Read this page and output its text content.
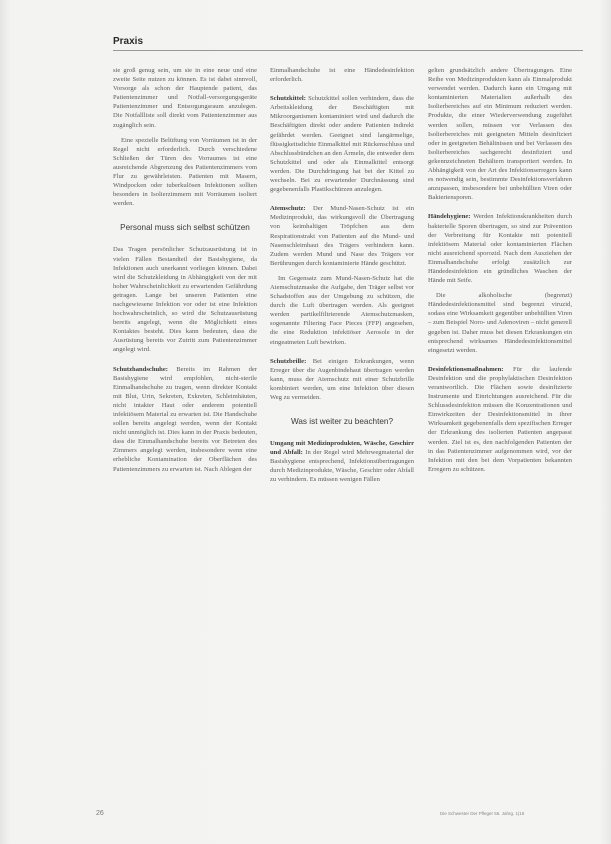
Praxis

sie groß genug sein, um sie in eine neue und eine zweite Seite nutzen zu können. Es ist dabei sinnvoll, Vorsorge als schon der Hauptende patient, das Patientenzimmer und Notfall-versorgungsgeräte Patientenzimmer und Entsorgungsraum anzulegen. Die Notfallliste soll direkt vom Patientenzimmer aus zugänglich sein.

Eine spezielle Belüftung von Vorräumen ist in der Regel nicht erforderlich. Durch verschiedene Schließen der Türen des Vorraumes ist eine ausreichende Abgrenzung des Patientenzimmers vom Flur zu gewährleisten. Patienten mit Masern, Windpocken oder tuberkulösen Infektionen sollten besonders in Isolierzimmern mit Vorräumen isoliert werden.

Personal muss sich selbst schützen

Das Tragen persönlicher Schutzausrüstung ist in vielen Fällen Bestandteil der Basishygiene, da Infektionen auch unerkannt vorliegen können. Dabei wird die Schutzkleidung in Abhängigkeit von der mit hoher Wahrscheinlichkeit zu erwartenden Gefährdung getragen. Lange bei unseren Patienten eine nachgewiesene Infektion vor oder ist eine Infektion hochwahrscheinlich, so wird die Schutzausrüstung bereits angelegt, wenn die Möglichkeit eines Kontaktes besteht. Dies kann bedeuten, dass die Ausrüstung bereits vor Zutritt zum Patientenzimmer angelegt wird.

Schutzhandschuhe: Bereits im Rahmen der Basishygiene wird empfohlen, nicht-sterile Einmalhandschuhe zu tragen, wenn direkter Kontakt mit Blut, Urin, Sekreten, Exkreten, Schleimhäuten, nicht intakter Haut oder anderem potentiell infektiösem Material zu erwarten ist. Die Handschuhe sollen bereits angelegt werden, wenn der Kontakt nicht unmöglich ist. Dies kann in der Praxis bedeuten, dass die Einmalhandschuhe bereits vor Betreten des Zimmers angelegt werden, insbesondere wenn eine erhebliche Kontamination der Oberflächen des Patientenzimmers zu erwarten ist. Nach Ablegen der

Einmalhandschuhe ist eine Händedesinfektion erforderlich.

Schutzkittel: Schutzkittel sollen verhindern, dass die Arbeitskleidung der Beschäftigten mit Mikroorganismen kontaminiert wird und dadurch die Beschäftigten direkt oder andere Patienten indirekt gefährdet werden. Geeignet sind langärmelige, flüssigkeitsdichte Einmalkittel mit Rückenschluss und Abschlussbündchen an den Ärmeln, die entweder dem Schutzkittel und oder als Einmalkittel entsorgt werden. Die Durchdringung hat bei der Kittel zu wechseln. Bei zu erwartender Durchnässung sind gegebenenfalls Plastikschürzen anzulegen.

Atemschutz: Der Mund-Nasen-Schutz ist ein Medizinprodukt, das wirkungsvoll die Übertragung von keimhaltigen Tröpfchen aus dem Respirationstrakt von Patienten auf die Mund- und Nasenschleimhaut des Trägers verhindern kann. Zudem werden Mund und Nase des Trägers vor Berührungen durch kontaminierte Hände geschützt.

Im Gegensatz zum Mund-Nasen-Schutz hat die Atemschutzmaske die Aufgabe, den Träger selbst vor Schadstoffen aus der Umgebung zu schützen, die durch die Luft übertragen werden. Als geeignet werden partikelfiltrierende Atemschutzmasken, sogenannte Filtering Face Pieces (FFP) angesehen, die eine Reduktion infektiöser Aerosole in der eingeatmeten Luft bewirken.

Schutzbrille: Bei einigen Erkrankungen, wenn Erreger über die Augenbindehaut übertragen werden kann, muss der Atemschutz mit einer Schutzbrille kombiniert werden, um eine Infektion über diesen Weg zu vermeiden.

Was ist weiter zu beachten?

Umgang mit Medizinprodukten, Wäsche, Geschirr und Abfall: In der Regel wird Mehrwegmaterial der Basishygiene entsprechend, Infektionsübertragungen durch Medizinprodukte, Wäsche, Geschirr oder Abfall zu verhindern. Es müssen wenigen Fällen

gelten grundsätzlich andere Übertragungen. Eine Reihe von Medizinprodukten kann als Einmalprodukt verwendet werden. Dadurch kann ein Umgang mit kontaminierten Materialien außerhalb des Isolierbereiches auf ein Minimum reduziert werden. Produkte, die einer Wiederverwendung zugeführt werden sollen, müssen vor Verlassen des Isolierbereiches mit geeigneten Mitteln desinfiziert oder in geeigneten Behältnissen und bei Verlassen des Isolierbereiches sachgerecht desinfiziert und gekennzeichneten Behältern transportiert werden. In Abhängigkeit von der Art des Infektionserregers kann es notwendig sein, bestimmte Desinfektionsverfahren anzupassen, insbesondere bei unbehüllten Viren oder Bakteriensporen.

Händehygiene: Werden Infektionskrankheiten durch bakterielle Sporen übertragen, so sind zur Prävention der Verbreitung für Kontakte mit potentiell infektiösem Material oder kontaminierten Flächen nicht ausreichend sporozid. Nach dem Ausziehen der Einmalhandschuhe erfolgt zusätzlich zur Händedesinfektion ein gründliches Waschen der Hände mit Seife.

Die alkoholische (begrenzt) Händedesinfektionsmittel sind begrenzt viruzid, sodass eine Wirksamkeit gegenüber unbehüllten Viren – zum Beispiel Noro- und Adenoviren – nicht generell gegeben ist. Daher muss bei diesen Erkrankungen ein entsprechend wirksames Händedesinfektionsmittel eingesetzt werden.

Desinfektionsmaßnahmen: Für die laufende Desinfektion und die prophylaktischen Desinfektion verantwortlich. Die Flächen sowie desinfizierte Instrumente und Einrichtungen ausreichend. Für die Schlussdesinfektion müssen die Konzentrationen und Einwirkzeiten der Desinfektionsmittel in ihrer Wirksamkeit gegebenenfalls dem spezifischen Erreger der Erkrankung des isolierten Patienten angepasst werden. Ziel ist es, den nachfolgenden Patienten der in das Patientenzimmer aufgenommen wird, vor der Infektion mit den bei dem Vorpatienten bekannten Erregern zu schützen.

26	Die Schwester Der Pfleger 55. Jahrg. 1|16
